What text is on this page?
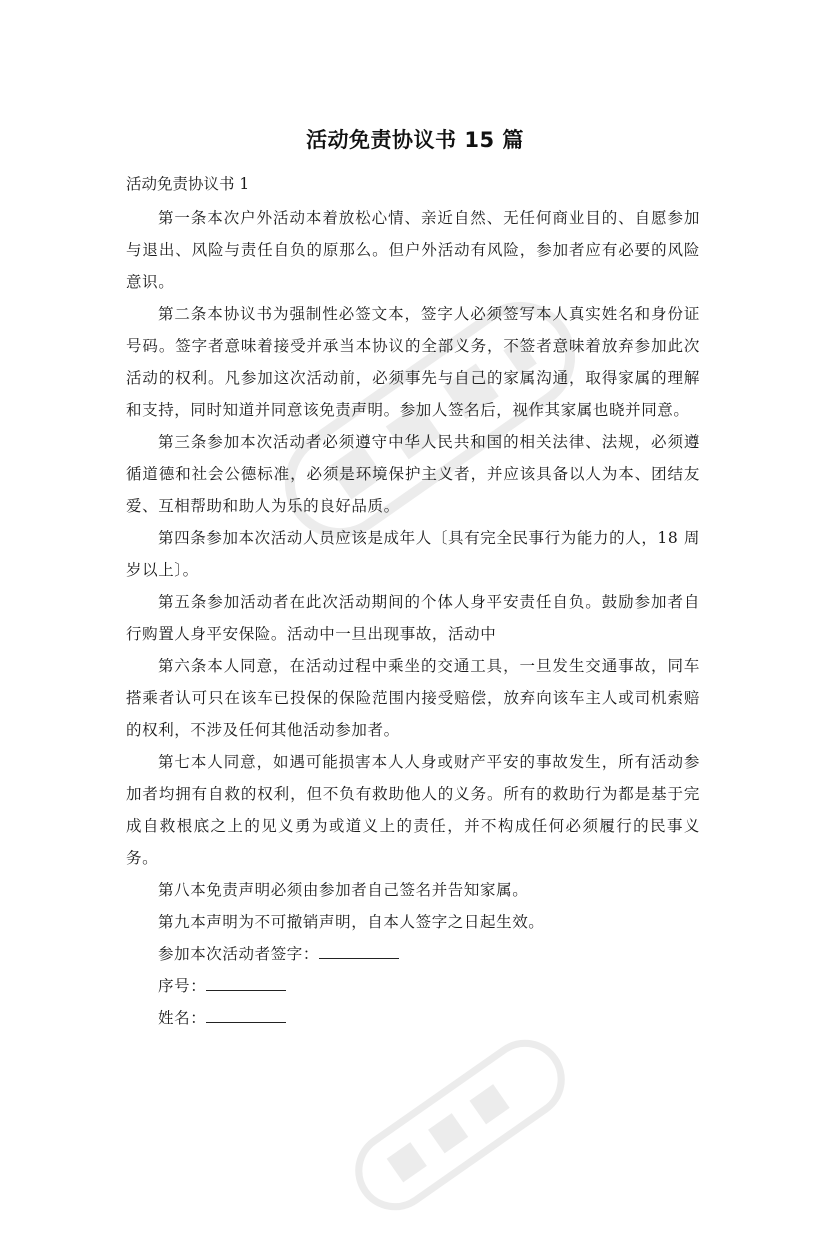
活动免责协议书 15 篇
活动免责协议书 1

第一条本次户外活动本着放松心情、亲近自然、无任何商业目的、自愿参加与退出、风险与责任自负的原那么。但户外活动有风险，参加者应有必要的风险意识。

第二条本协议书为强制性必签文本，签字人必须签写本人真实姓名和身份证号码。签字者意味着接受并承当本协议的全部义务，不签者意味着放弃参加此次活动的权利。凡参加这次活动前，必须事先与自己的家属沟通，取得家属的理解和支持，同时知道并同意该免责声明。参加人签名后，视作其家属也晓并同意。

第三条参加本次活动者必须遵守中华人民共和国的相关法律、法规，必须遵循道德和社会公德标准，必须是环境保护主义者，并应该具备以人为本、团结友爱、互相帮助和助人为乐的良好品质。

第四条参加本次活动人员应该是成年人〔具有完全民事行为能力的人，18 周岁以上〕。

第五条参加活动者在此次活动期间的个体人身平安责任自负。鼓励参加者自行购置人身平安保险。活动中一旦出现事故，活动中

第六条本人同意，在活动过程中乘坐的交通工具，一旦发生交通事故，同车搭乘者认可只在该车已投保的保险范围内接受赔偿，放弃向该车主人或司机索赔的权利，不涉及任何其他活动参加者。

第七本人同意，如遇可能损害本人人身或财产平安的事故发生，所有活动参加者均拥有自救的权利，但不负有救助他人的义务。所有的救助行为都是基于完成自救根底之上的见义勇为或道义上的责任，并不构成任何必须履行的民事义务。

第八本免责声明必须由参加者自己签名并告知家属。

第九本声明为不可撤销声明，自本人签字之日起生效。

参加本次活动者签字：

序号：

姓名：
